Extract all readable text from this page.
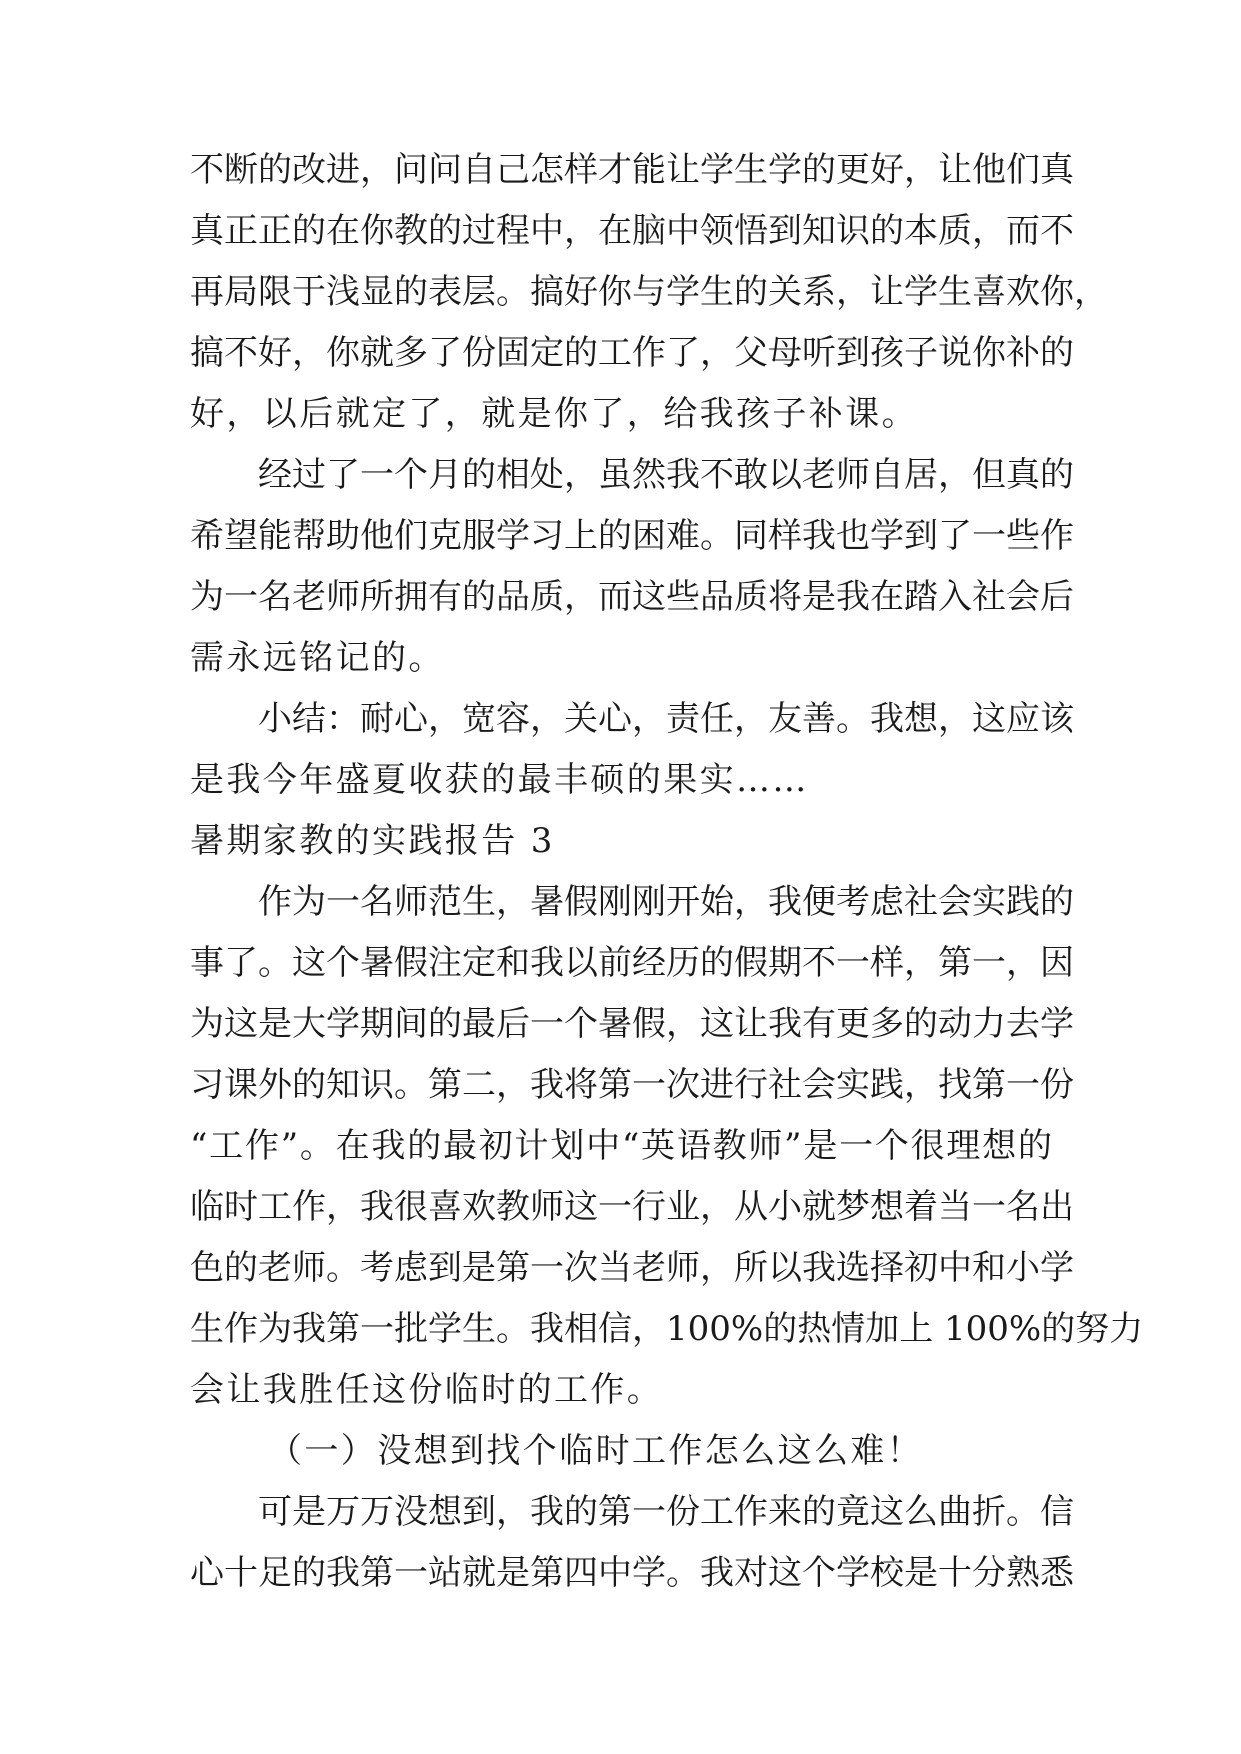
不断的改进，问问自己怎样才能让学生学的更好，让他们真
真正正的在你教的过程中，在脑中领悟到知识的本质，而不
再局限于浅显的表层。搞好你与学生的关系，让学生喜欢你，
搞不好，你就多了份固定的工作了，父母听到孩子说你补的
好，以后就定了，就是你了，给我孩子补课。
经过了一个月的相处，虽然我不敢以老师自居，但真的
希望能帮助他们克服学习上的困难。同样我也学到了一些作
为一名老师所拥有的品质，而这些品质将是我在踏入社会后
需永远铭记的。
小结：耐心，宽容，关心，责任，友善。我想，这应该
是我今年盛夏收获的最丰硕的果实……
暑期家教的实践报告 3
作为一名师范生，暑假刚刚开始，我便考虑社会实践的
事了。这个暑假注定和我以前经历的假期不一样，第一，因
为这是大学期间的最后一个暑假，这让我有更多的动力去学
习课外的知识。第二，我将第一次进行社会实践，找第一份
“工作”。在我的最初计划中“英语教师”是一个很理想的
临时工作，我很喜欢教师这一行业，从小就梦想着当一名出
色的老师。考虑到是第一次当老师，所以我选择初中和小学
生作为我第一批学生。我相信，100%的热情加上 100%的努力
会让我胜任这份临时的工作。
（一）没想到找个临时工作怎么这么难！
可是万万没想到，我的第一份工作来的竟这么曲折。信
心十足的我第一站就是第四中学。我对这个学校是十分熟悉
